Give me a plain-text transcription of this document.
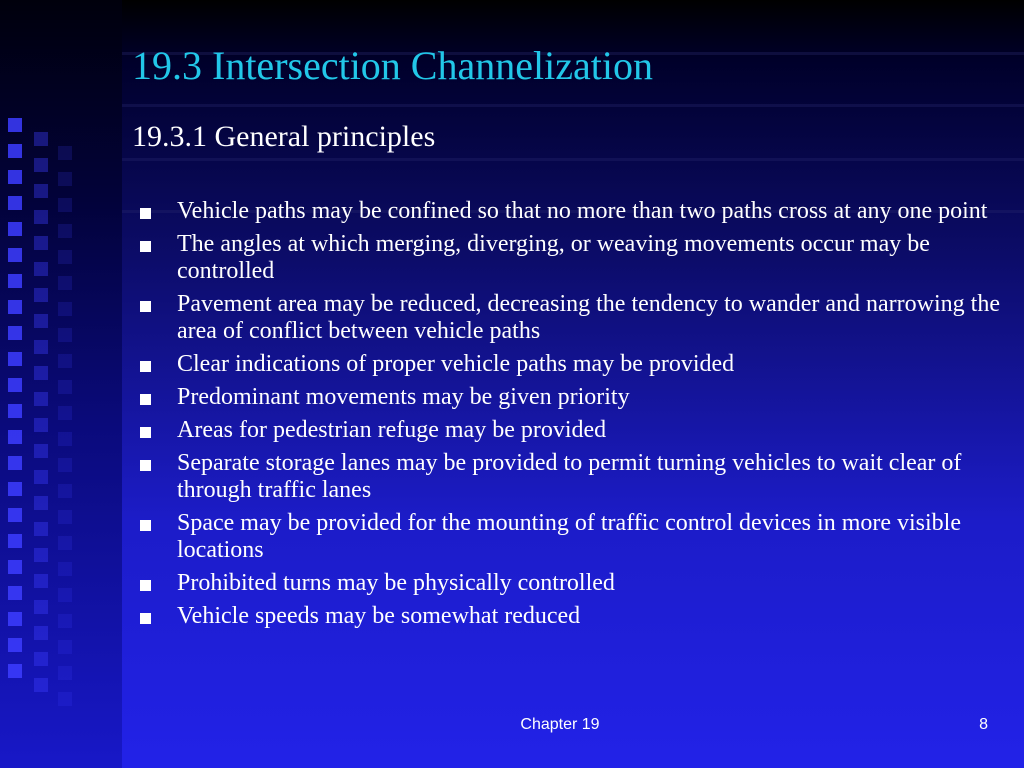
19.3 Intersection Channelization
19.3.1 General principles
Vehicle paths may be confined so that no more than two paths cross at any one point
The angles at which merging, diverging, or weaving movements occur may be controlled
Pavement area may be reduced, decreasing the tendency to wander and narrowing the area of conflict between vehicle paths
Clear indications of proper vehicle paths may be provided
Predominant movements may be given priority
Areas for pedestrian refuge may be provided
Separate storage lanes may be provided to permit turning vehicles to wait clear of through traffic lanes
Space may be provided for the mounting of traffic control devices in more visible locations
Prohibited turns may be physically controlled
Vehicle speeds may be somewhat reduced
Chapter 19	8
